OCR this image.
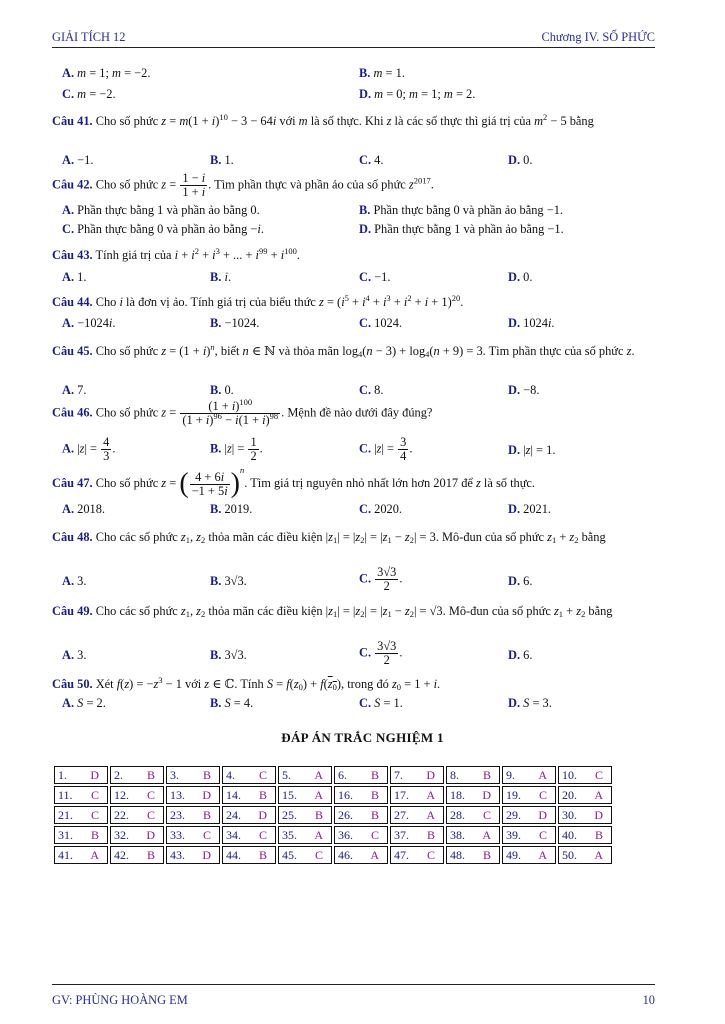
GIẢI TÍCH 12	Chương IV. SỐ PHỨC
A. m = 1; m = −2.	B. m = 1.
C. m = −2.	D. m = 0; m = 1; m = 2.
Câu 41. Cho số phức $z = m(1 + i)^{10} - 3 - 64i$ với m là số thực. Khi z là các số thực thì giá trị của $m^2 - 5$ bằng
A. −1.	B. 1.	C. 4.	D. 0.
Câu 42. Cho số phức $z = \frac{1 - i}{1 + i}$ . Tìm phần thực và phần ảo của số phức $z^{2017}$.
A. Phần thực bằng 1 và phần ảo bằng 0.	B. Phần thực bằng 0 và phần ảo bằng −1.
C. Phần thực bằng 0 và phần ảo bằng −i.	D. Phần thực bằng 1 và phần ảo bằng −1.
Câu 43. Tính giá trị của $i + i^2 + i^3$ + ... + $i^{99} + i^{100}$.
A. 1.	B. i.	C. −1.	D. 0.
Câu 44. Cho i là đơn vị ảo. Tính giá trị của biểu thức $z = (i^5 + i^4 + i^3 + i^2 + i + 1)^{20}$.
A. −1024i.	B. −1024.	C. 1024.	D. 1024i.
Câu 45. Cho số phức $z = (1 + i)^n$, biết n ∈ ℕ và thỏa mãn $\log_4(n - 3) + \log_4(n + 9) = 3$. Tìm phần thực của số phức z.
A. 7.	B. 0.	C. 8.	D. −8.
Câu 46. Cho số phức $z = \frac{(1 + i)^{100}}{(1 + i)^{96} - i(1 + i)^{98}}$ . Mệnh đề nào dưới đây đúng?
A. $|z| = \frac{4}{3}$ .	B. $|z| = \frac{1}{2}$ .	C. $|z| = \frac{3}{4}$ .	D. |z| = 1.
Câu 47. Cho số phức z = ( $\frac{4 + 6i}{-1 + 5i} )^n$. Tìm giá trị nguyên nhỏ nhất lớn hơn 2017 để z là số thực.
A. 2018.	B. 2019.	C. 2020.	D. 2021.
Câu 48. Cho các số phức $z_1$, $z_2$ thỏa mãn các điều kiện $|z_1| = |z_2| = |z_1 - z_2| = 3$. Mô-đun của số phức $z_1 + z_2$ bằng
A. 3.	B. 3√3.	C. $\frac{3√3}{2}$ .	D. 6.
Câu 49. Cho các số phức $z_1$, $z_2$ thỏa mãn các điều kiện $|z_1| = |z_2| = |z_1 - z_2| = √3$. Mô-đun của số phức $z_1 + z_2$ bằng
A. 3.	B. 3√3.	C. $\frac{3√3}{2}$ .	D. 6.
Câu 50. Xét $f(z) = -z^3 - 1$ với z ∈ ℂ. Tính $S = f(z_0) + f(z_0)$, trong đó $z_0 = 1 + i$.
A. S = 2.	B. S = 4.	C. S = 1.	D. S = 3.
ĐÁP ÁN TRẮC NGHIỆM 1
1. D	2. B	3. B	4. C	5. A	6. B	7. D	8. B	9. A	10. C

11. C	12. C	13. D	14. B	15. A	16. B	17. A	18. D	19. C	20. A

21. C	22. C	23. B	24. D	25. B	26. B	27. A	28. C	29. D	30. D

31. B	32. D	33. C	34. C	35. A	36. C	37. B	38. A	39. C	40. B

41. A	42. B	43. D	44. B	45. C	46. A	47. C	48. B	49. A	50. A
GV: PHÙNG HOÀNG EM	10
